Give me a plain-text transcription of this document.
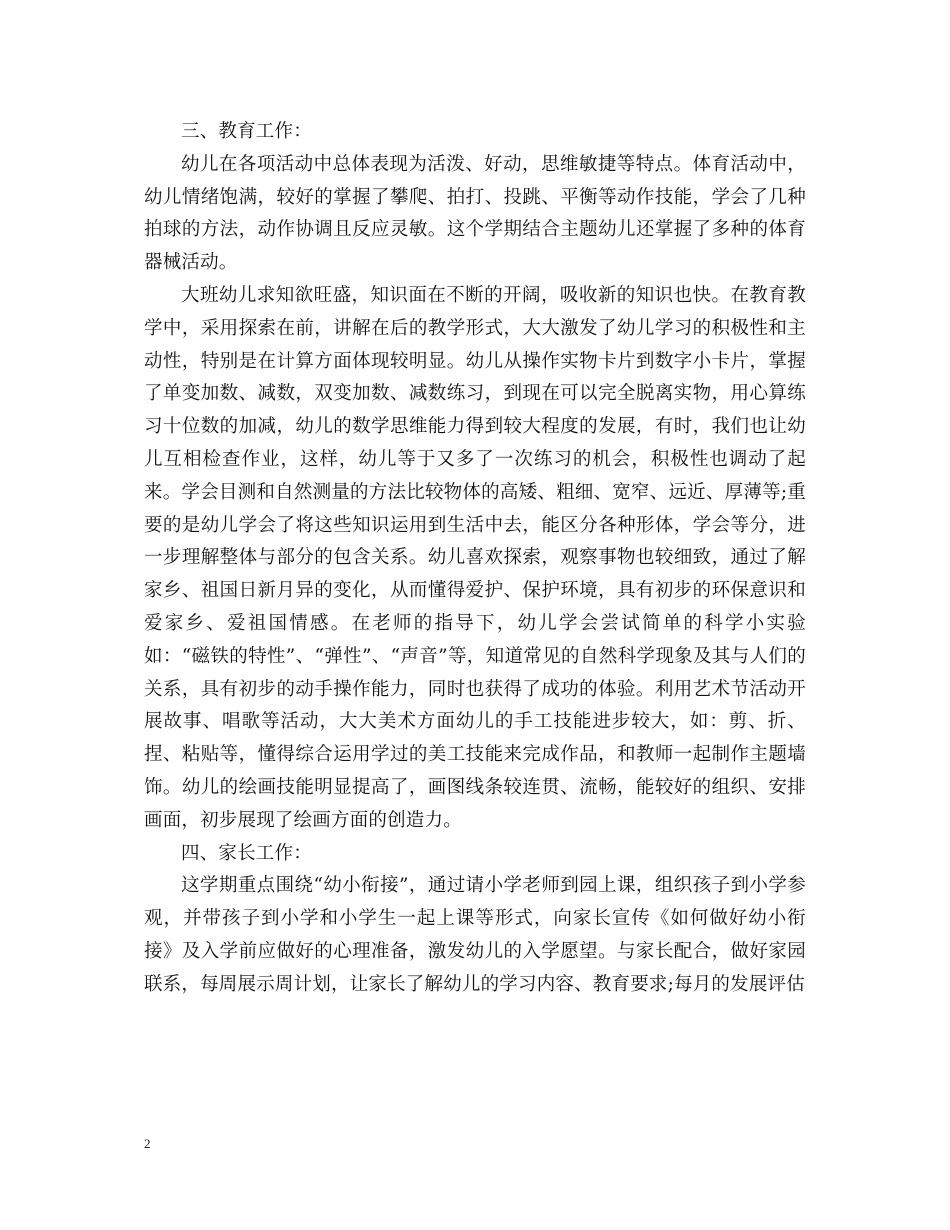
三、教育工作：

幼儿在各项活动中总体表现为活泼、好动，思维敏捷等特点。体育活动中，幼儿情绪饱满，较好的掌握了攀爬、拍打、投跳、平衡等动作技能，学会了几种拍球的方法，动作协调且反应灵敏。这个学期结合主题幼儿还掌握了多种的体育器械活动。

大班幼儿求知欲旺盛，知识面在不断的开阔，吸收新的知识也快。在教育教学中，采用探索在前，讲解在后的教学形式，大大激发了幼儿学习的积极性和主动性，特别是在计算方面体现较明显。幼儿从操作实物卡片到数字小卡片，掌握了单变加数、减数，双变加数、减数练习，到现在可以完全脱离实物，用心算练习十位数的加减，幼儿的数学思维能力得到较大程度的发展，有时，我们也让幼儿互相检查作业，这样，幼儿等于又多了一次练习的机会，积极性也调动了起来。学会目测和自然测量的方法比较物体的高矮、粗细、宽窄、远近、厚薄等;重要的是幼儿学会了将这些知识运用到生活中去，能区分各种形体，学会等分，进一步理解整体与部分的包含关系。幼儿喜欢探索，观察事物也较细致，通过了解家乡、祖国日新月异的变化，从而懂得爱护、保护环境，具有初步的环保意识和爱家乡、爱祖国情感。在老师的指导下，幼儿学会尝试简单的科学小实验如：“磁铁的特性”、“弹性”、“声音”等，知道常见的自然科学现象及其与人们的关系，具有初步的动手操作能力，同时也获得了成功的体验。利用艺术节活动开展故事、唱歌等活动，大大美术方面幼儿的手工技能进步较大，如：剪、折、捏、粘贴等，懂得综合运用学过的美工技能来完成作品，和教师一起制作主题墙饰。幼儿的绘画技能明显提高了，画图线条较连贯、流畅，能较好的组织、安排画面，初步展现了绘画方面的创造力。

四、家长工作：

这学期重点围绕“幼小衔接”，通过请小学老师到园上课，组织孩子到小学参观，并带孩子到小学和小学生一起上课等形式，向家长宣传《如何做好幼小衔接》及入学前应做好的心理准备，激发幼儿的入学愿望。与家长配合，做好家园联系，每周展示周计划，让家长了解幼儿的学习内容、教育要求;每月的发展评估

2
